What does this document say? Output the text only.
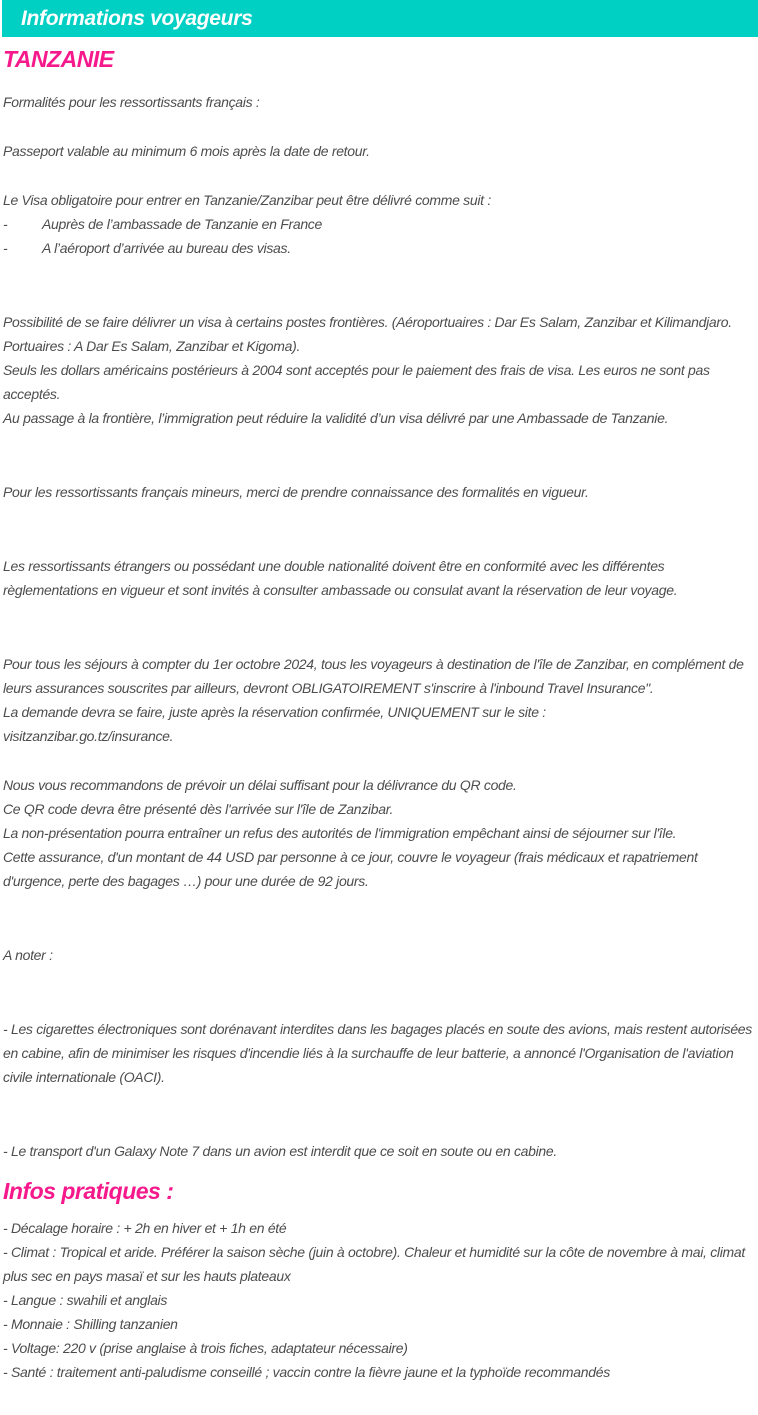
Informations voyageurs
TANZANIE

Formalités pour les ressortissants français :

Passeport valable au minimum 6 mois après la date de retour.

Le Visa obligatoire pour entrer en Tanzanie/Zanzibar peut être délivré comme suit :

- Auprès de l’ambassade de Tanzanie en France

- A l’aéroport d’arrivée au bureau des visas.

Possibilité de se faire délivrer un visa à certains postes frontières. (Aéroportuaires : Dar Es Salam, Zanzibar et Kilimandjaro. Portuaires : A Dar Es Salam, Zanzibar et Kigoma).

Seuls les dollars américains postérieurs à 2004 sont acceptés pour le paiement des frais de visa. Les euros ne sont pas acceptés.

Au passage à la frontière, l’immigration peut réduire la validité d’un visa délivré par une Ambassade de Tanzanie.

Pour les ressortissants français mineurs, merci de prendre connaissance des formalités en vigueur.

Les ressortissants étrangers ou possédant une double nationalité doivent être en conformité avec les différentes règlementations en vigueur et sont invités à consulter ambassade ou consulat avant la réservation de leur voyage.

Pour tous les séjours à compter du 1er octobre 2024, tous les voyageurs à destination de l'île de Zanzibar, en complément de leurs assurances souscrites par ailleurs, devront OBLIGATOIREMENT s'inscrire à l'inbound Travel Insurance".

La demande devra se faire, juste après la réservation confirmée, UNIQUEMENT sur le site :

visitzanzibar.go.tz/insurance.

Nous vous recommandons de prévoir un délai suffisant pour la délivrance du QR code.

Ce QR code devra être présenté dès l'arrivée sur l'île de Zanzibar.

La non-présentation pourra entraîner un refus des autorités de l'immigration empêchant ainsi de séjourner sur l'île.

Cette assurance, d'un montant de 44 USD par personne à ce jour, couvre le voyageur (frais médicaux et rapatriement d'urgence, perte des bagages …) pour une durée de 92 jours.

A noter :

- Les cigarettes électroniques sont dorénavant interdites dans les bagages placés en soute des avions, mais restent autorisées en cabine, afin de minimiser les risques d'incendie liés à la surchauffe de leur batterie, a annoncé l'Organisation de l'aviation civile internationale (OACI).

- Le transport d'un Galaxy Note 7 dans un avion est interdit que ce soit en soute ou en cabine.

Infos pratiques :

- Décalage horaire : + 2h en hiver et + 1h en été

- Climat : Tropical et aride. Préférer la saison sèche (juin à octobre). Chaleur et humidité sur la côte de novembre à mai, climat plus sec en pays masaï et sur les hauts plateaux

- Langue : swahili et anglais

- Monnaie : Shilling tanzanien

- Voltage: 220 v (prise anglaise à trois fiches, adaptateur nécessaire)

- Santé : traitement anti-paludisme conseillé ; vaccin contre la fièvre jaune et la typhoïde recommandés
